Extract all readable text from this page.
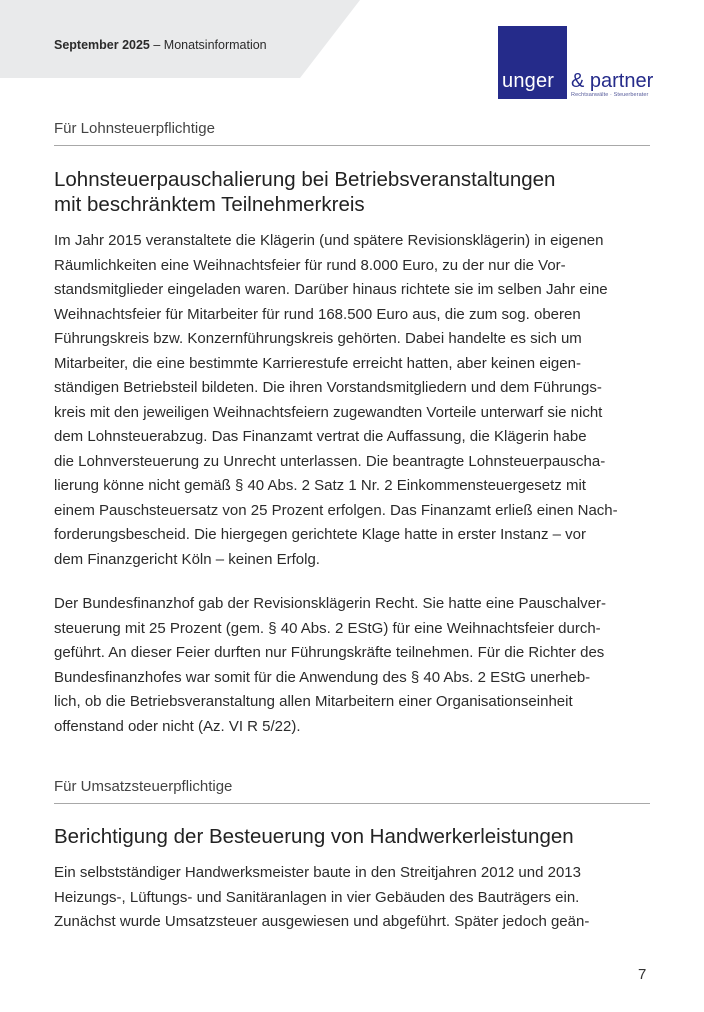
September 2025 – Monatsinformation
unger & partner
Rechtsanwälte · Steuerberater
Für Lohnsteuerpflichtige
Lohnsteuerpauschalierung bei Betriebsveranstaltungen
mit beschränktem Teilnehmerkreis
Im Jahr 2015 veranstaltete die Klägerin (und spätere Revisionsklägerin) in eigenen
Räumlichkeiten eine Weihnachtsfeier für rund 8.000 Euro, zu der nur die Vor-
standsmitglieder eingeladen waren. Darüber hinaus richtete sie im selben Jahr eine
Weihnachtsfeier für Mitarbeiter für rund 168.500 Euro aus, die zum sog. oberen
Führungskreis bzw. Konzernführungskreis gehörten. Dabei handelte es sich um
Mitarbeiter, die eine bestimmte Karrierestufe erreicht hatten, aber keinen eigen-
ständigen Betriebsteil bildeten. Die ihren Vorstandsmitgliedern und dem Führungs-
kreis mit den jeweiligen Weihnachtsfeiern zugewandten Vorteile unterwarf sie nicht
dem Lohnsteuerabzug. Das Finanzamt vertrat die Auffassung, die Klägerin habe
die Lohnversteuerung zu Unrecht unterlassen. Die beantragte Lohnsteuerpauscha-
lierung könne nicht gemäß § 40 Abs. 2 Satz 1 Nr. 2 Einkommensteuergesetz mit
einem Pauschsteuersatz von 25 Prozent erfolgen. Das Finanzamt erließ einen Nach-
forderungsbescheid. Die hiergegen gerichtete Klage hatte in erster Instanz – vor
dem Finanzgericht Köln – keinen Erfolg.
Der Bundesfinanzhof gab der Revisionsklägerin Recht. Sie hatte eine Pauschalver-
steuerung mit 25 Prozent (gem. § 40 Abs. 2 EStG) für eine Weihnachtsfeier durch-
geführt. An dieser Feier durften nur Führungskräfte teilnehmen. Für die Richter des
Bundesfinanzhofes war somit für die Anwendung des § 40 Abs. 2 EStG unerheb-
lich, ob die Betriebsveranstaltung allen Mitarbeitern einer Organisationseinheit
offenstand oder nicht (Az. VI R 5/22).
Für Umsatzsteuerpflichtige
Berichtigung der Besteuerung von Handwerkerleistungen
Ein selbstständiger Handwerksmeister baute in den Streitjahren 2012 und 2013
Heizungs-, Lüftungs- und Sanitäranlagen in vier Gebäuden des Bauträgers ein.
Zunächst wurde Umsatzsteuer ausgewiesen und abgeführt. Später jedoch geän-
7
